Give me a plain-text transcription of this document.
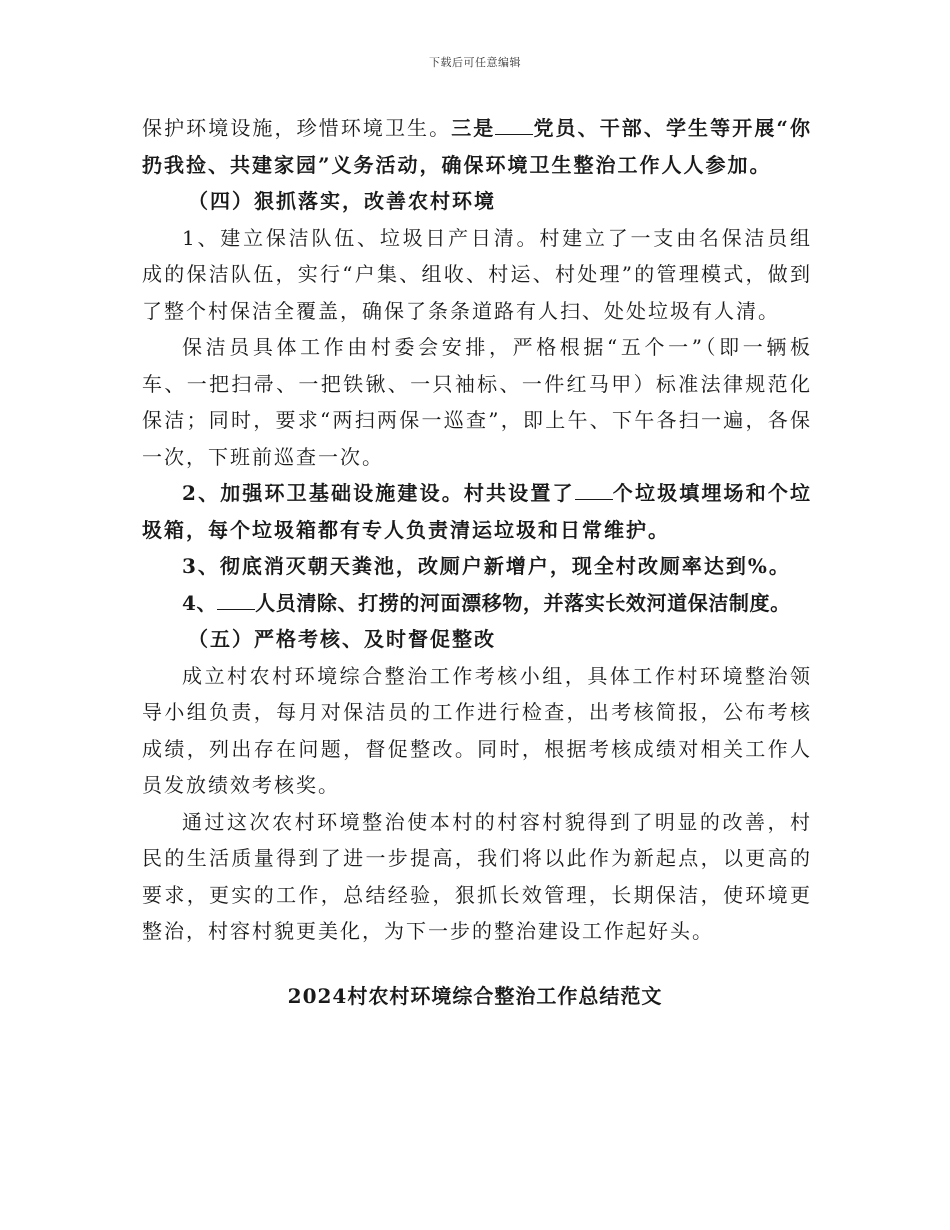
下载后可任意编辑

保护环境设施，珍惜环境卫生。三是 党员、干部、学生等开展“你扔我捡、共建家园”义务活动，确保环境卫生整治工作人人参加。

（四）狠抓落实，改善农村环境

1、建立保洁队伍、垃圾日产日清。村建立了一支由名保洁员组成的保洁队伍，实行“户集、组收、村运、村处理”的管理模式，做到了整个村保洁全覆盖，确保了条条道路有人扫、处处垃圾有人清。

保洁员具体工作由村委会安排，严格根据“五个一”（即一辆板车、一把扫帚、一把铁锹、一只袖标、一件红马甲）标准法律规范化保洁；同时，要求“两扫两保一巡查”，即上午、下午各扫一遍，各保一次，下班前巡查一次。

2、加强环卫基础设施建设。村共设置了 个垃圾填埋场和个垃圾箱，每个垃圾箱都有专人负责清运垃圾和日常维护。

3、彻底消灭朝天粪池，改厕户新增户，现全村改厕率达到%。

4、 人员清除、打捞的河面漂移物，并落实长效河道保洁制度。

（五）严格考核、及时督促整改

成立村农村环境综合整治工作考核小组，具体工作村环境整治领导小组负责，每月对保洁员的工作进行检查，出考核简报，公布考核成绩，列出存在问题，督促整改。同时，根据考核成绩对相关工作人员发放绩效考核奖。

通过这次农村环境整治使本村的村容村貌得到了明显的改善，村民的生活质量得到了进一步提高，我们将以此作为新起点，以更高的要求，更实的工作，总结经验，狠抓长效管理，长期保洁，使环境更整治，村容村貌更美化，为下一步的整治建设工作起好头。

2024村农村环境综合整治工作总结范文
